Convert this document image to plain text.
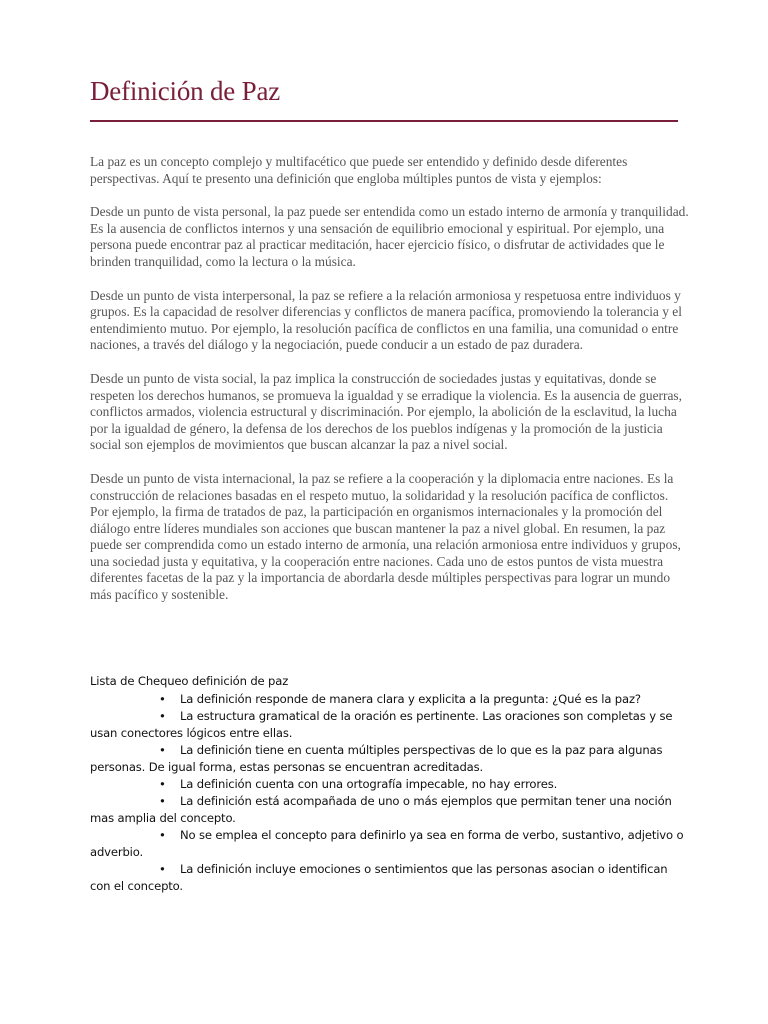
Definición de Paz

La paz es un concepto complejo y multifacético que puede ser entendido y definido desde diferentes perspectivas. Aquí te presento una definición que engloba múltiples puntos de vista y ejemplos:

Desde un punto de vista personal, la paz puede ser entendida como un estado interno de armonía y tranquilidad. Es la ausencia de conflictos internos y una sensación de equilibrio emocional y espiritual. Por ejemplo, una persona puede encontrar paz al practicar meditación, hacer ejercicio físico, o disfrutar de actividades que le brinden tranquilidad, como la lectura o la música.

Desde un punto de vista interpersonal, la paz se refiere a la relación armoniosa y respetuosa entre individuos y grupos. Es la capacidad de resolver diferencias y conflictos de manera pacífica, promoviendo la tolerancia y el entendimiento mutuo. Por ejemplo, la resolución pacífica de conflictos en una familia, una comunidad o entre naciones, a través del diálogo y la negociación, puede conducir a un estado de paz duradera.

Desde un punto de vista social, la paz implica la construcción de sociedades justas y equitativas, donde se respeten los derechos humanos, se promueva la igualdad y se erradique la violencia. Es la ausencia de guerras, conflictos armados, violencia estructural y discriminación. Por ejemplo, la abolición de la esclavitud, la lucha por la igualdad de género, la defensa de los derechos de los pueblos indígenas y la promoción de la justicia social son ejemplos de movimientos que buscan alcanzar la paz a nivel social.

Desde un punto de vista internacional, la paz se refiere a la cooperación y la diplomacia entre naciones. Es la construcción de relaciones basadas en el respeto mutuo, la solidaridad y la resolución pacífica de conflictos. Por ejemplo, la firma de tratados de paz, la participación en organismos internacionales y la promoción del diálogo entre líderes mundiales son acciones que buscan mantener la paz a nivel global. En resumen, la paz puede ser comprendida como un estado interno de armonía, una relación armoniosa entre individuos y grupos, una sociedad justa y equitativa, y la cooperación entre naciones. Cada uno de estos puntos de vista muestra diferentes facetas de la paz y la importancia de abordarla desde múltiples perspectivas para lograr un mundo más pacífico y sostenible.

Lista de Chequeo definición de paz
• La definición responde de manera clara y explicita a la pregunta: ¿Qué es la paz?
• La estructura gramatical de la oración es pertinente. Las oraciones son completas y se usan conectores lógicos entre ellas.
• La definición tiene en cuenta múltiples perspectivas de lo que es la paz para algunas personas. De igual forma, estas personas se encuentran acreditadas.
• La definición cuenta con una ortografía impecable, no hay errores.
• La definición está acompañada de uno o más ejemplos que permitan tener una noción mas amplia del concepto.
• No se emplea el concepto para definirlo ya sea en forma de verbo, sustantivo, adjetivo o adverbio.
• La definición incluye emociones o sentimientos que las personas asocian o identifican con el concepto.
